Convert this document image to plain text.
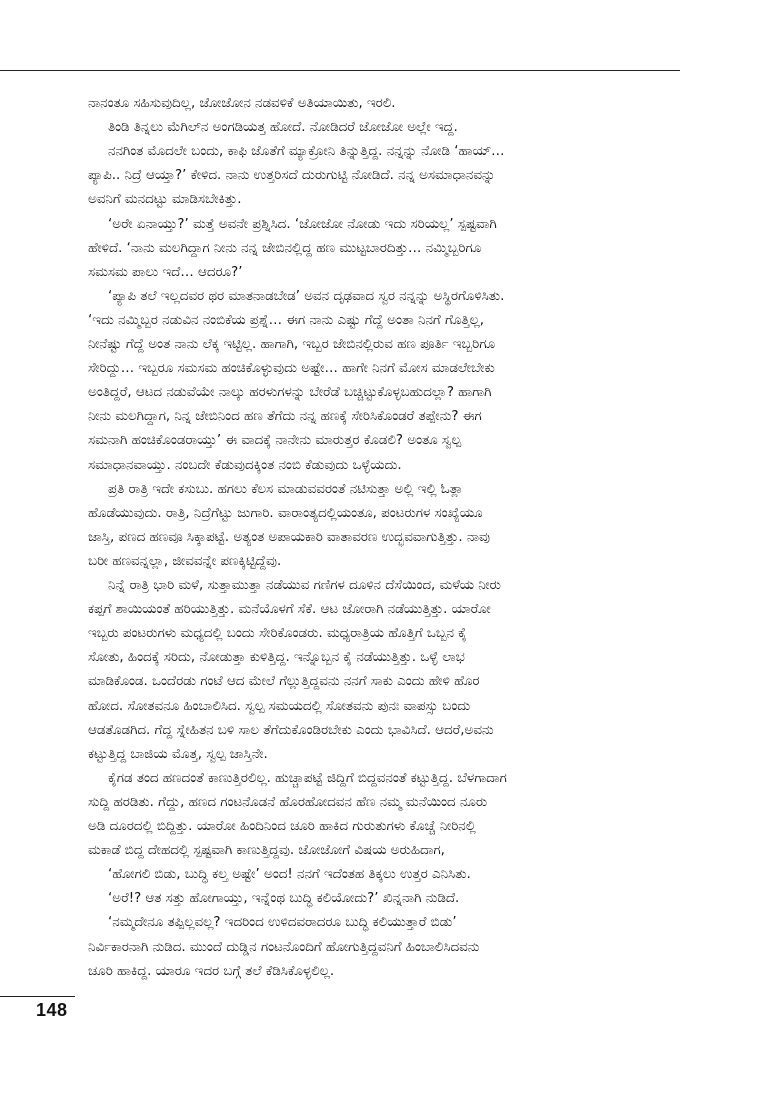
ನಾನಂತೂ ಸಹಿಸುವುದಿಲ್ಲ, ಜೋಜೋನ ನಡವಳಿಕೆ ಅತಿಯಾಯಿತು, ಇರಲಿ.
ತಿಂಡಿ ತಿನ್ನಲು ಮೆಗಿಲ್‌ನ ಅಂಗಡಿಯತ್ತ ಹೋದೆ. ನೋಡಿದರೆ ಜೋಜೋ ಅಲ್ಲೇ ಇದ್ದ.
ನನಗಿಂತ ಮೊದಲೇ ಬಂದು, ಕಾಫಿ ಜೊತೆಗೆ ಮ್ಯಾಕ್ರೋನಿ ತಿನ್ನುತ್ತಿದ್ದ. ನನ್ನನ್ನು ನೋಡಿ ‘ಹಾಯ್…
ಪ್ಯಾಪಿ.. ನಿದ್ರೆ ಆಯ್ತಾ?’ ಕೇಳಿದ. ನಾನು ಉತ್ತರಿಸದೆ ದುರುಗುಟ್ಟಿ ನೋಡಿದೆ. ನನ್ನ ಅಸಮಾಧಾನವನ್ನು
ಅವನಿಗೆ ಮನದಟ್ಟು ಮಾಡಿಸಬೇಕಿತ್ತು.
‘ಅರೇ ಏನಾಯ್ತು?’ ಮತ್ತೆ ಅವನೇ ಪ್ರಶ್ನಿಸಿದ. ‘ಜೋಜೋ ನೋಡು ಇದು ಸರಿಯಲ್ಲ’ ಸ್ಪಷ್ಟವಾಗಿ
ಹೇಳಿದೆ. ‘ನಾನು ಮಲಗಿದ್ದಾಗ ನೀನು ನನ್ನ ಜೇಬಿನಲ್ಲಿದ್ದ ಹಣ ಮುಟ್ಟಬಾರದಿತ್ತು… ನಮ್ಮಿಬ್ಬರಿಗೂ
ಸಮಸಮ ಪಾಲು ಇದೆ… ಆದರೂ?’
‘ಪ್ಯಾಪಿ ತಲೆ ಇಲ್ಲದವರ ಥರ ಮಾತನಾಡಬೇಡ’ ಅವನ ದೃಢವಾದ ಸ್ವರ ನನ್ನನ್ನು ಅಸ್ಥಿರಗೊಳಿಸಿತು.
‘ಇದು ನಮ್ಮಿಬ್ಬರ ನಡುವಿನ ನಂಬಿಕೆಯ ಪ್ರಶ್ನೆ… ಈಗ ನಾನು ಎಷ್ಟು ಗೆದ್ದೆ ಅಂತಾ ನಿನಗೆ ಗೊತ್ತಿಲ್ಲ,
ನೀನೆಷ್ಟು ಗೆದ್ದೆ ಅಂತ ನಾನು ಲೆಕ್ಕ ಇಟ್ಟಿಲ್ಲ. ಹಾಗಾಗಿ, ಇಬ್ಬರ ಜೇಬಿನಲ್ಲಿರುವ ಹಣ ಪೂರ್ತಿ ಇಬ್ಬರಿಗೂ
ಸೇರಿದ್ದು… ಇಬ್ಬರೂ ಸಮಸಮ ಹಂಚಿಕೊಳ್ಳುವುದು ಅಷ್ಟೇ… ಹಾಗೇ ನಿನಗೆ ಮೋಸ ಮಾಡಲೇಬೇಕು
ಅಂತಿದ್ದರೆ, ಆಟದ ನಡುವೆಯೇ ನಾಲ್ಕು ಹರಳುಗಳನ್ನು ಬೇರೆಡೆ ಬಚ್ಚಿಟ್ಟುಕೊಳ್ಳಬಹುದಲ್ಲಾ? ಹಾಗಾಗಿ
ನೀನು ಮಲಗಿದ್ದಾಗ, ನಿನ್ನ ಜೇಬಿನಿಂದ ಹಣ ತೆಗೆದು ನನ್ನ ಹಣಕ್ಕೆ ಸೇರಿಸಿಕೊಂಡರೆ ತಪ್ಪೇನು? ಈಗ
ಸಮನಾಗಿ ಹಂಚಿಕೊಂಡರಾಯ್ತು’ ಈ ವಾದಕ್ಕೆ ನಾನೇನು ಮಾರುತ್ತರ ಕೊಡಲಿ? ಅಂತೂ ಸ್ವಲ್ಪ
ಸಮಾಧಾನವಾಯ್ತು. ನಂಬದೇ ಕೆಡುವುದಕ್ಕಿಂತ ನಂಬಿ ಕೆಡುವುದು ಒಳ್ಳೆಯದು.
ಪ್ರತಿ ರಾತ್ರಿ ಇದೇ ಕಸುಬು. ಹಗಲು ಕೆಲಸ ಮಾಡುವವರಂತೆ ನಟಿಸುತ್ತಾ ಅಲ್ಲಿ ಇಲ್ಲಿ ಓತ್ಲಾ
ಹೊಡೆಯುವುದು. ರಾತ್ರಿ, ನಿದ್ರೆಗೆಟ್ಟು ಜುಗಾರಿ. ವಾರಾಂತ್ಯದಲ್ಲಿಯಂತೂ, ಪಂಟರುಗಳ ಸಂಖ್ಯೆಯೂ
ಜಾಸ್ತಿ, ಪಣದ ಹಣವೂ ಸಿಕ್ಕಾಪಟ್ಟೆ. ಅತ್ಯಂತ ಅಪಾಯಕಾರಿ ವಾತಾವರಣ ಉದ್ಭವವಾಗುತ್ತಿತ್ತು. ನಾವು
ಬರೀ ಹಣವನ್ನಲ್ಲಾ, ಜೀವವನ್ನೇ ಪಣಕ್ಕಿಟ್ಟಿದ್ದೆವು.
ನಿನ್ನೆ ರಾತ್ರಿ ಭಾರಿ ಮಳೆ, ಸುತ್ತಾಮುತ್ತಾ ನಡೆಯುವ ಗಣಿಗಳ ದೂಳಿನ ದೆಸೆಯಿಂದ, ಮಳೆಯ ನೀರು
ಕಪ್ಪಗೆ ಶಾಯಿಯಂತೆ ಹರಿಯುತ್ತಿತ್ತು. ಮನೆಯೊಳಗೆ ಸೆಕೆ. ಆಟ ಜೋರಾಗಿ ನಡೆಯುತ್ತಿತ್ತು. ಯಾರೋ
ಇಬ್ಬರು ಪಂಟರುಗಳು ಮಧ್ಯದಲ್ಲಿ ಬಂದು ಸೇರಿಕೊಂಡರು. ಮಧ್ಯರಾತ್ರಿಯ ಹೊತ್ತಿಗೆ ಒಬ್ಬನ ಕೈ
ಸೋತು, ಹಿಂದಕ್ಕೆ ಸರಿದು, ನೋಡುತ್ತಾ ಕುಳಿತ್ತಿದ್ದ. ಇನ್ನೊಬ್ಬನ ಕೈ ನಡೆಯುತ್ತಿತ್ತು. ಒಳ್ಳೆ ಲಾಭ
ಮಾಡಿಕೊಂಡ. ಒಂದೆರಡು ಗಂಟೆ ಆದ ಮೇಲೆ ಗೆಲ್ಲುತ್ತಿದ್ದವನು ನನಗೆ ಸಾಕು ಎಂದು ಹೇಳಿ ಹೊರ
ಹೋದ. ಸೋತವನೂ ಹಿಂಬಾಲಿಸಿದ. ಸ್ವಲ್ಪ ಸಮಯದಲ್ಲಿ ಸೋತವನು ಪುನಃ ವಾಪಸ್ಸು ಬಂದು
ಆಡತೊಡಗಿದ. ಗೆದ್ದ ಸ್ನೇಹಿತನ ಬಳಿ ಸಾಲ ತೆಗೆದುಕೊಂಡಿರಬೇಕು ಎಂದು ಭಾವಿಸಿದೆ. ಆದರೆ,ಅವನು
ಕಟ್ಟುತ್ತಿದ್ದ ಬಾಜಿಯ ಮೊತ್ತ, ಸ್ವಲ್ಪ ಜಾಸ್ತಿನೇ.
ಕೈಗಡ ತಂದ ಹಣದಂತೆ ಕಾಣುತ್ತಿರಲಿಲ್ಲ. ಹುಚ್ಚಾಪಟ್ಟೆ ಜಿದ್ದಿಗೆ ಬಿದ್ದವನಂತೆ ಕಟ್ಟುತ್ತಿದ್ದ. ಬೆಳಗಾದಾಗ
ಸುದ್ದಿ ಹರಡಿತು. ಗೆದ್ದು, ಹಣದ ಗಂಟನೊಡನೆ ಹೊರಹೋದವನ ಹೆಣ ನಮ್ಮ ಮನೆಯಿಂದ ನೂರು
ಅಡಿ ದೂರದಲ್ಲಿ ಬಿದ್ದಿತ್ತು. ಯಾರೋ ಹಿಂದಿನಿಂದ ಚೂರಿ ಹಾಕಿದ ಗುರುತುಗಳು ಕೊಚ್ಚೆ ನೀರಿನಲ್ಲಿ
ಮಕಾಡೆ ಬಿದ್ದ ದೇಹದಲ್ಲಿ ಸ್ಪಷ್ಟವಾಗಿ ಕಾಣುತ್ತಿದ್ದವು. ಜೋಜೋಗೆ ವಿಷಯ ಅರುಹಿದಾಗ,
‘ಹೋಗಲಿ ಬಿಡು, ಬುದ್ಧಿ ಕಲ್ತ ಅಷ್ಟೇ’ ಅಂದ! ನನಗೆ ಇದೆಂತಹ ತಿಕ್ಕಲು ಉತ್ತರ ಎನಿಸಿತು.
‘ಅರೆ!? ಆತ ಸತ್ತು ಹೋಗಾಯ್ತು, ಇನ್ನೆಂಥ ಬುದ್ಧಿ ಕಲಿಯೋದು?’ ಖಿನ್ನನಾಗಿ ನುಡಿದೆ.
‘ನಮ್ಮದೇನೂ ತಪ್ಪಿಲ್ಲವಲ್ಲ? ಇದರಿಂದ ಉಳಿದವರಾದರೂ ಬುದ್ಧಿ ಕಲಿಯುತ್ತಾರೆ ಬಿಡು’
ನಿರ್ವಿಕಾರನಾಗಿ ನುಡಿದ. ಮುಂದೆ ದುಡ್ಡಿನ ಗಂಟನೊಂದಿಗೆ ಹೋಗುತ್ತಿದ್ದವನಿಗೆ ಹಿಂಬಾಲಿಸಿದವನು
ಚೂರಿ ಹಾಕಿದ್ದ. ಯಾರೂ ಇದರ ಬಗ್ಗೆ ತಲೆ ಕೆಡಿಸಿಕೊಳ್ಳಲಿಲ್ಲ.
148
